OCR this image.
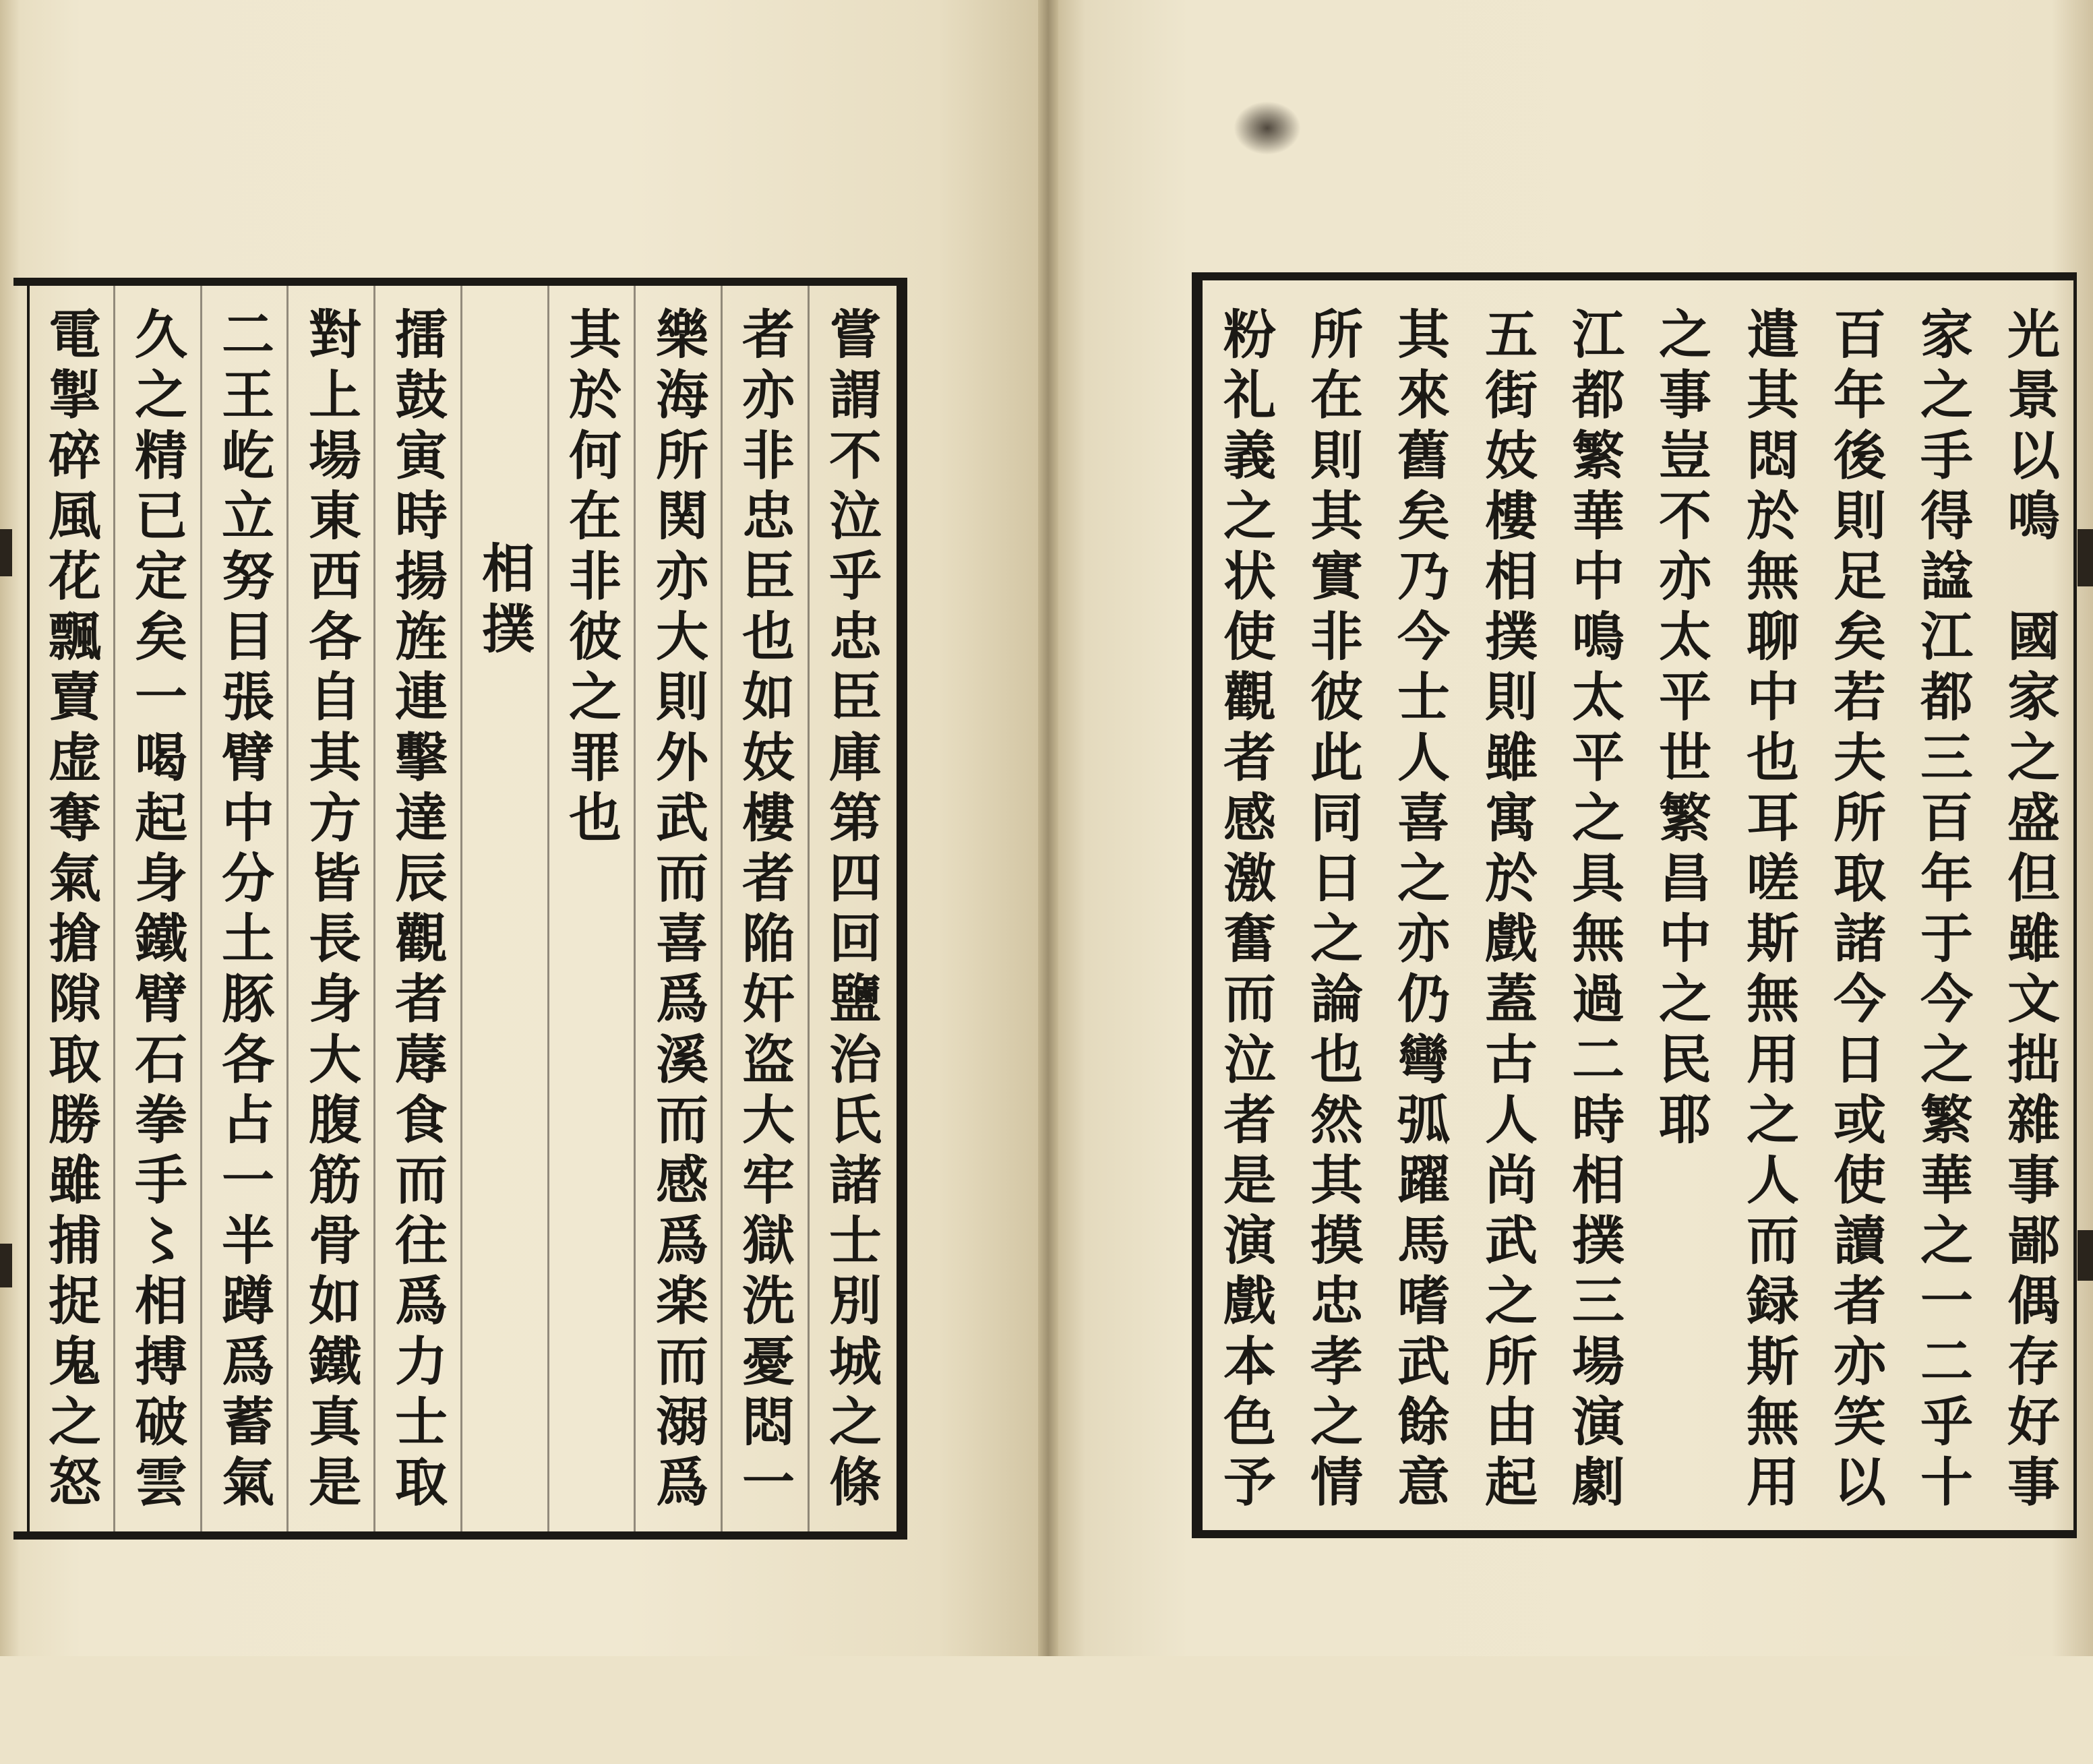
光景以鳴　國家之盛但雖文拙雜事鄙偶存好事
家之手得諡江都三百年于今之繁華之一二乎十
百年後則足矣若夫所取諸今日或使讀者亦笑以
遣其悶於無聊中也耳嗟斯無用之人而録斯無用
之事豈不亦太平世繁昌中之民耶
江都繁華中鳴太平之具無過二時相撲三場演劇
五街妓樓相撲則雖寓於戲蓋古人尚武之所由起
其來舊矣乃今士人喜之亦仍彎弧躍馬嗜武餘意
所在則其實非彼此同日之論也然其摸忠孝之情
粉礼義之状使觀者感激奮而泣者是演戲本色予
嘗謂不泣乎忠臣庫第四回鹽治氏諸士別城之條
者亦非忠臣也如妓樓者陥奸盗大牢獄洗憂悶一
樂海所関亦大則外武而喜爲溪而感爲楽而溺爲
其於何在非彼之罪也
相撲
擂鼓寅時揚旌連擊達辰觀者蓐食而往爲力士取
對上場東西各自其方皆長身大腹筋骨如鐵真是
二王屹立努目張臂中分土豚各占一半蹲爲蓄氣
久之精已定矣一喝起身鐵臂石拳手〻相搏破雲
電掣碎風花飄賣虚奪氣搶隙取勝雖捕捉鬼之怒
